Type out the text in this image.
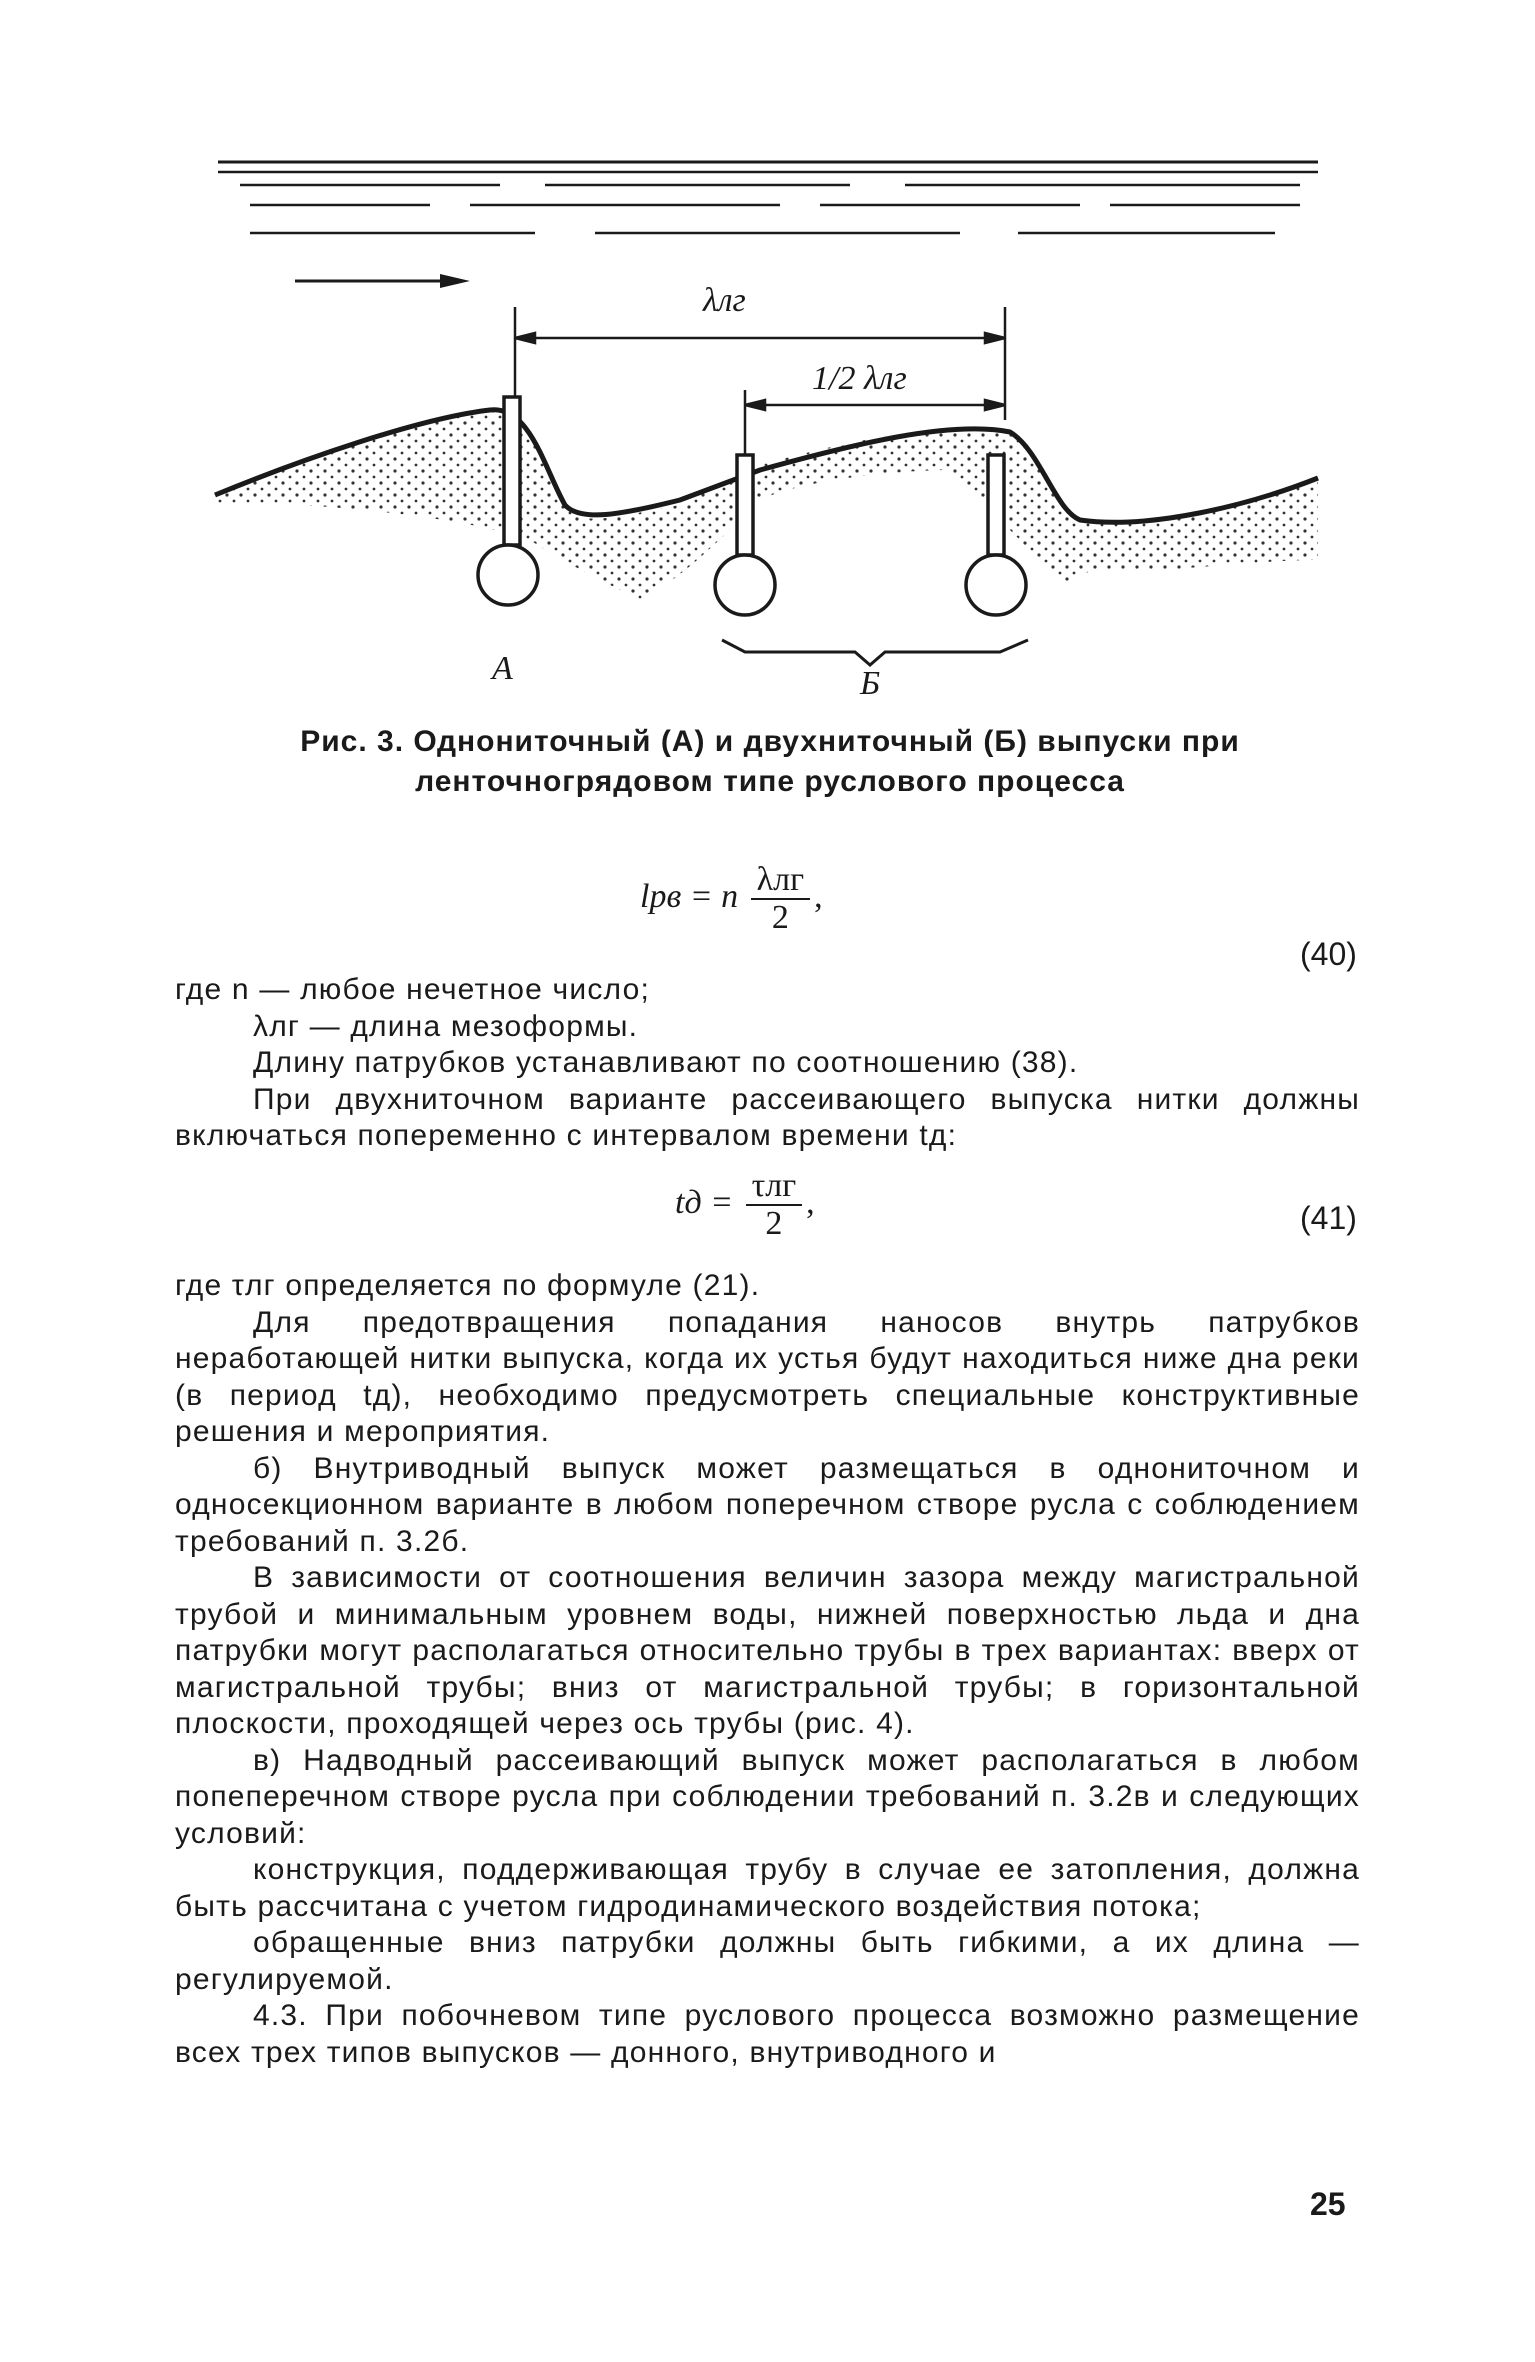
λлг
1/2 λлг
А	Б
Рис. 3. Однониточный (А) и двухниточный (Б) выпуски при ленточногрядовом типе руслового процесса
lрв = n $\frac{\text{λлг}}{2}$ ,
(40)
где n — любое нечетное число;
λлг — длина мезоформы.
Длину патрубков устанавливают по соотношению (38).
При двухниточном варианте рассеивающего выпуска нитки должны включаться попеременно с интервалом времени tд:
tд = $\frac{\text{τлг}}{2}$ ,	(41)
где τлг определяется по формуле (21).
Для предотвращения попадания наносов внутрь патрубков неработающей нитки выпуска, когда их устья будут находиться ниже дна реки (в период tд), необходимо предусмотреть специальные конструктивные решения и мероприятия.
б) Внутриводный выпуск может размещаться в однониточном и односекционном варианте в любом поперечном створе русла с соблюдением требований п. 3.2б.
В зависимости от соотношения величин зазора между магистральной трубой и минимальным уровнем воды, нижней поверхностью льда и дна патрубки могут располагаться относительно трубы в трех вариантах: вверх от магистральной трубы; вниз от магистральной трубы; в горизонтальной плоскости, проходящей через ось трубы (рис. 4).
в) Надводный рассеивающий выпуск может располагаться в любом попеперечном створе русла при соблюдении требований п. 3.2в и следующих условий:
конструкция, поддерживающая трубу в случае ее затопления, должна быть рассчитана с учетом гидродинамического воздействия потока;
обращенные вниз патрубки должны быть гибкими, а их длина — регулируемой.
4.3. При побочневом типе руслового процесса возможно размещение всех трех типов выпусков — донного, внутриводного и
25
